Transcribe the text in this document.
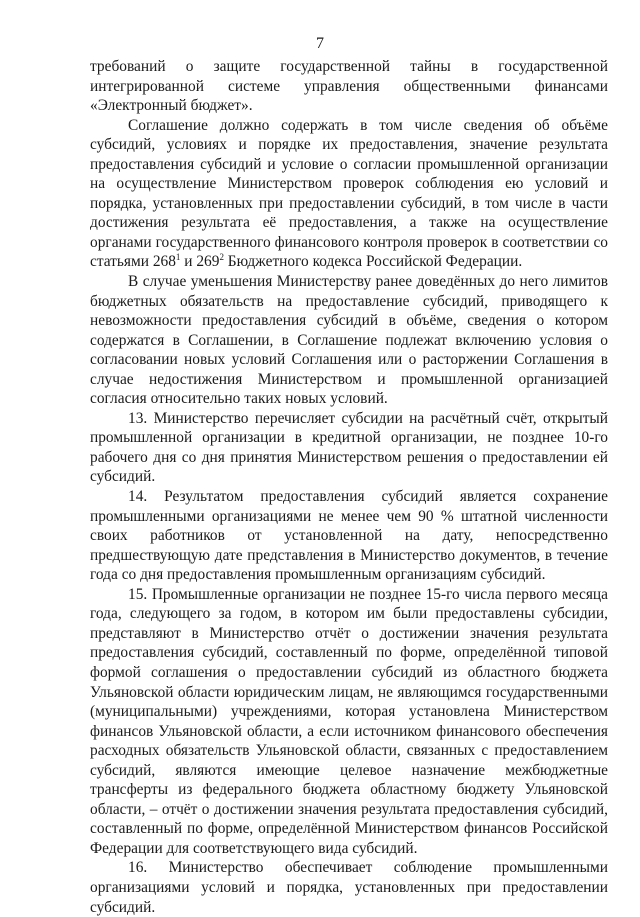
7

требований о защите государственной тайны в государственной интегрированной системе управления общественными финансами «Электронный бюджет».

Соглашение должно содержать в том числе сведения об объёме субсидий, условиях и порядке их предоставления, значение результата предоставления субсидий и условие о согласии промышленной организации на осуществление Министерством проверок соблюдения ею условий и порядка, установленных при предоставлении субсидий, в том числе в части достижения результата её предоставления, а также на осуществление органами государственного финансового контроля проверок в соответствии со статьями $268^1$ и $269^2$ Бюджетного кодекса Российской Федерации.

В случае уменьшения Министерству ранее доведённых до него лимитов бюджетных обязательств на предоставление субсидий, приводящего к невозможности предоставления субсидий в объёме, сведения о котором содержатся в Соглашении, в Соглашение подлежат включению условия о согласовании новых условий Соглашения или о расторжении Соглашения в случае недостижения Министерством и промышленной организацией согласия относительно таких новых условий.

13. Министерство перечисляет субсидии на расчётный счёт, открытый промышленной организации в кредитной организации, не позднее 10-го рабочего дня со дня принятия Министерством решения о предоставлении ей субсидий.

14. Результатом предоставления субсидий является сохранение промышленными организациями не менее чем 90 % штатной численности своих работников от установленной на дату, непосредственно предшествующую дате представления в Министерство документов, в течение года со дня предоставления промышленным организациям субсидий.

15. Промышленные организации не позднее 15-го числа первого месяца года, следующего за годом, в котором им были предоставлены субсидии, представляют в Министерство отчёт о достижении значения результата предоставления субсидий, составленный по форме, определённой типовой формой соглашения о предоставлении субсидий из областного бюджета Ульяновской области юридическим лицам, не являющимся государственными (муниципальными) учреждениями, которая установлена Министерством финансов Ульяновской области, а если источником финансового обеспечения расходных обязательств Ульяновской области, связанных с предоставлением субсидий, являются имеющие целевое назначение межбюджетные трансферты из федерального бюджета областному бюджету Ульяновской области, – отчёт о достижении значения результата предоставления субсидий, составленный по форме, определённой Министерством финансов Российской Федерации для соответствующего вида субсидий.

16. Министерство обеспечивает соблюдение промышленными организациями условий и порядка, установленных при предоставлении субсидий.
